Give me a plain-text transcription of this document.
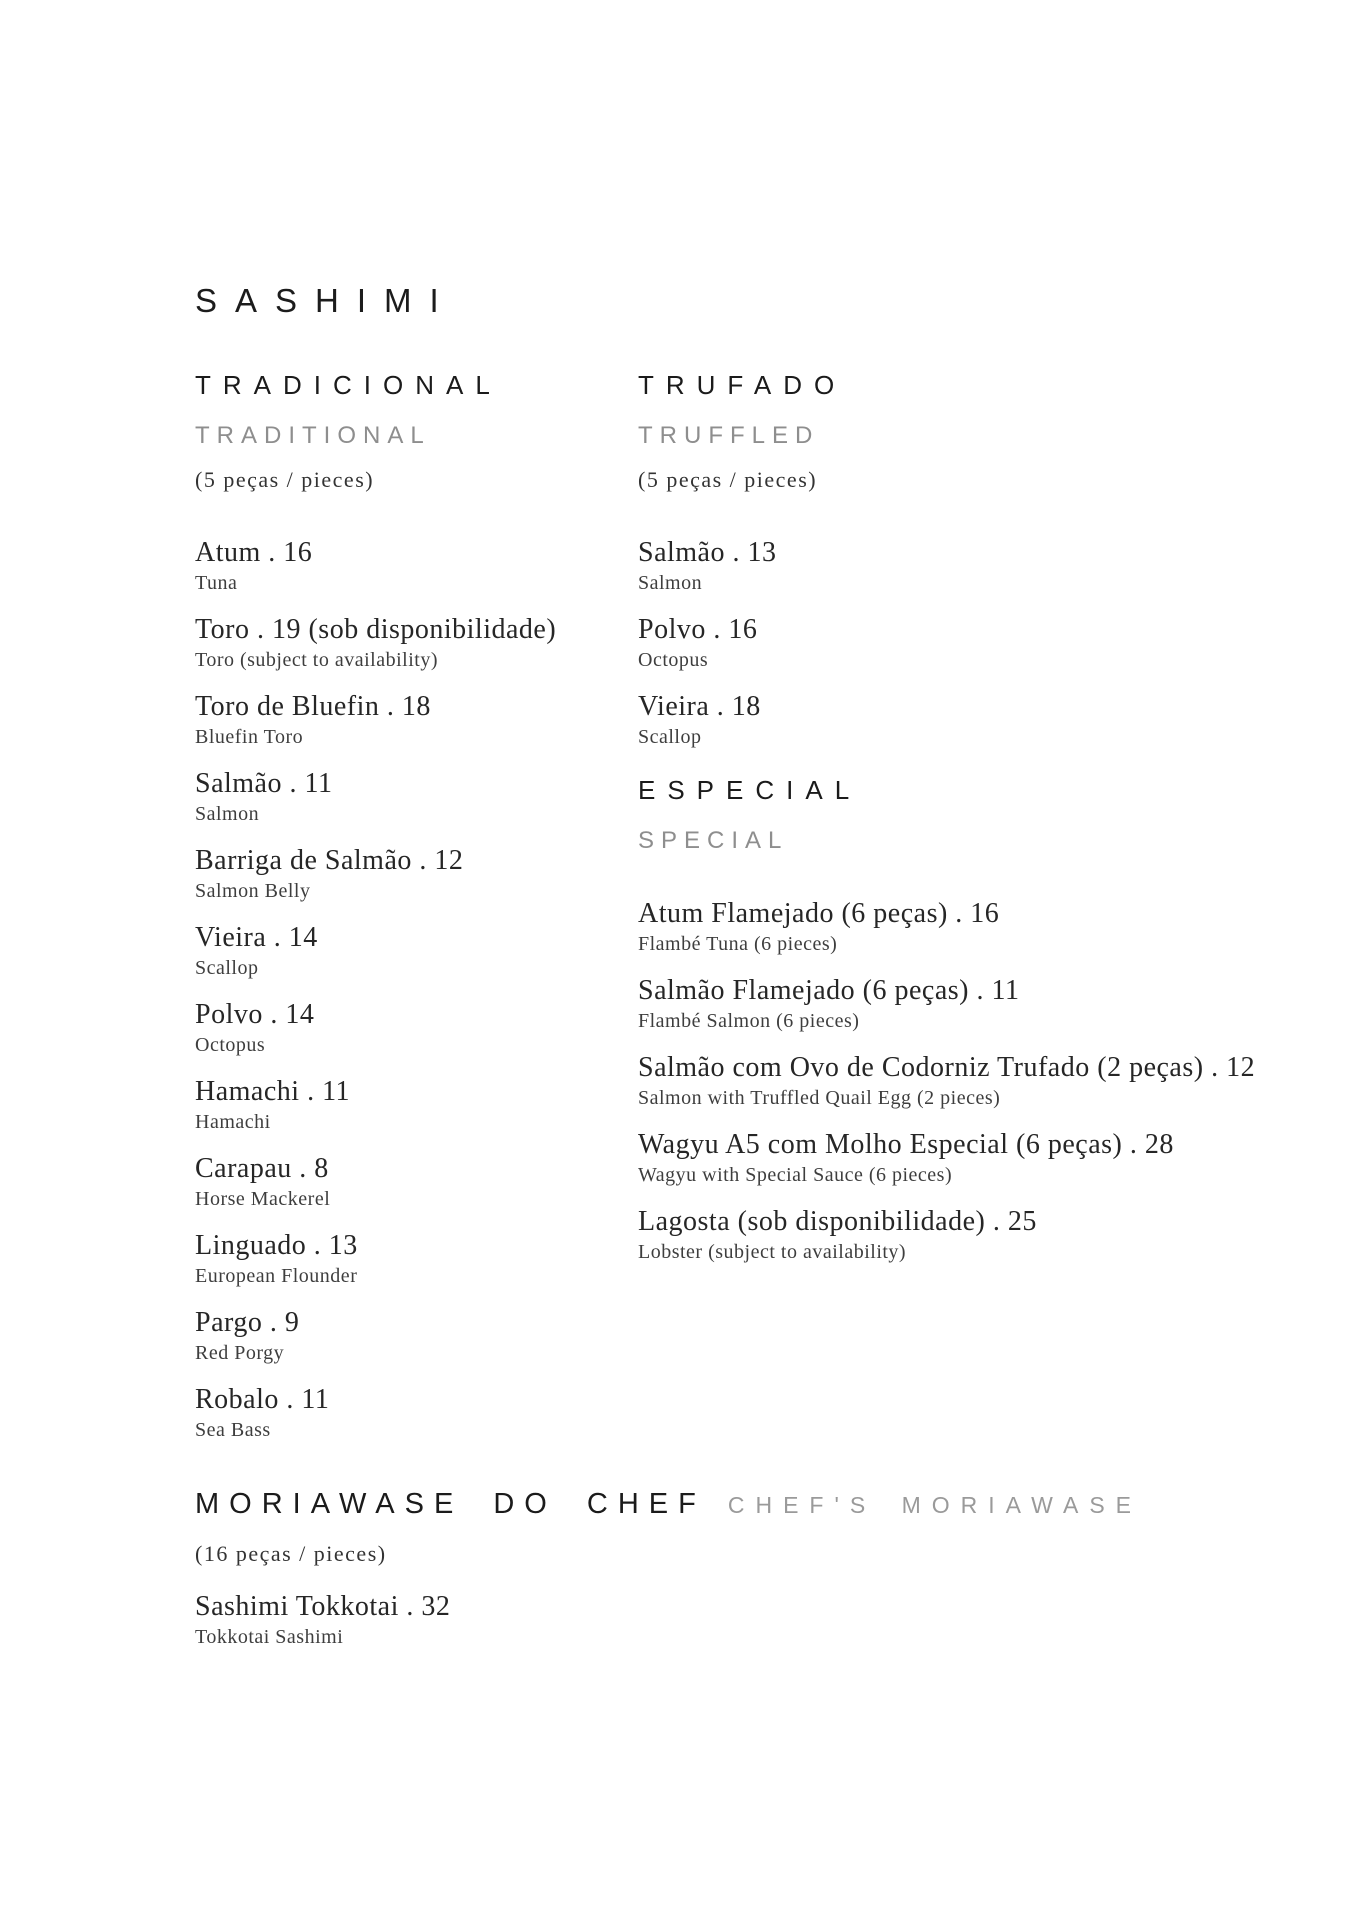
SASHIMI
TRADICIONAL
TRADITIONAL
(5 peças / pieces)
Atum . 16
Tuna
Toro . 19 (sob disponibilidade)
Toro (subject to availability)
Toro de Bluefin . 18
Bluefin Toro
Salmão . 11
Salmon
Barriga de Salmão . 12
Salmon Belly
Vieira . 14
Scallop
Polvo . 14
Octopus
Hamachi . 11
Hamachi
Carapau . 8
Horse Mackerel
Linguado . 13
European Flounder
Pargo . 9
Red Porgy
Robalo . 11
Sea Bass
TRUFADO
TRUFFLED
(5 peças / pieces)
Salmão . 13
Salmon
Polvo . 16
Octopus
Vieira . 18
Scallop
ESPECIAL
SPECIAL
Atum Flamejado (6 peças) . 16
Flambé Tuna (6 pieces)
Salmão Flamejado (6 peças) . 11
Flambé Salmon (6 pieces)
Salmão com Ovo de Codorniz Trufado (2 peças) . 12
Salmon with Truffled Quail Egg (2 pieces)
Wagyu A5 com Molho Especial (6 peças) . 28
Wagyu with Special Sauce (6 pieces)
Lagosta (sob disponibilidade) . 25
Lobster (subject to availability)
MORIAWASE DO CHEF CHEF'S MORIAWASE
(16 peças / pieces)
Sashimi Tokkotai . 32
Tokkotai Sashimi
